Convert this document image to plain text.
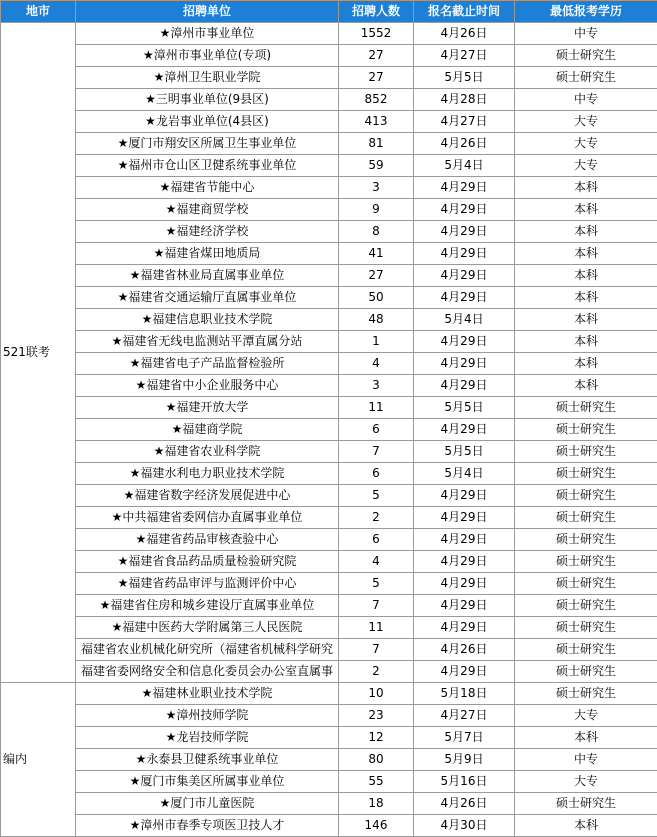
地市	招聘单位	招聘人数	报名截止时间	最低报考学历
521联考	★漳州市事业单位	1552	4月26日	中专
	★漳州市事业单位(专项)	27	4月27日	硕士研究生
	★漳州卫生职业学院	27	5月5日	硕士研究生
	★三明事业单位(9县区)	852	4月28日	中专
	★龙岩事业单位(4县区)	413	4月27日	大专
	★厦门市翔安区所属卫生事业单位	81	4月26日	大专
	★福州市仓山区卫健系统事业单位	59	5月4日	大专
	★福建省节能中心	3	4月29日	本科
	★福建商贸学校	9	4月29日	本科
	★福建经济学校	8	4月29日	本科
	★福建省煤田地质局	41	4月29日	本科
	★福建省林业局直属事业单位	27	4月29日	本科
	★福建省交通运输厅直属事业单位	50	4月29日	本科
	★福建信息职业技术学院	48	5月4日	本科
	★福建省无线电监测站平潭直属分站	1	4月29日	本科
	★福建省电子产品监督检验所	4	4月29日	本科
	★福建省中小企业服务中心	3	4月29日	本科
	★福建开放大学	11	5月5日	硕士研究生
	★福建商学院	6	4月29日	硕士研究生
	★福建省农业科学院	7	5月5日	硕士研究生
	★福建水利电力职业技术学院	6	5月4日	硕士研究生
	★福建省数字经济发展促进中心	5	4月29日	硕士研究生
	★中共福建省委网信办直属事业单位	2	4月29日	硕士研究生
	★福建省药品审核查验中心	6	4月29日	硕士研究生
	★福建省食品药品质量检验研究院	4	4月29日	硕士研究生
	★福建省药品审评与监测评价中心	5	4月29日	硕士研究生
	★福建省住房和城乡建设厅直属事业单位	7	4月29日	硕士研究生
	★福建中医药大学附属第三人民医院	11	4月29日	硕士研究生
	福建省农业机械化研究所（福建省机械科学研究	7	4月26日	硕士研究生
	福建省委网络安全和信息化委员会办公室直属事	2	4月29日	硕士研究生
编内	★福建林业职业技术学院	10	5月18日	硕士研究生
	★漳州技师学院	23	4月27日	大专
	★龙岩技师学院	12	5月7日	本科
	★永泰县卫健系统事业单位	80	5月9日	中专
	★厦门市集美区所属事业单位	55	5月16日	大专
	★厦门市儿童医院	18	4月26日	硕士研究生
	★漳州市春季专项医卫技人才	146	4月30日	本科
